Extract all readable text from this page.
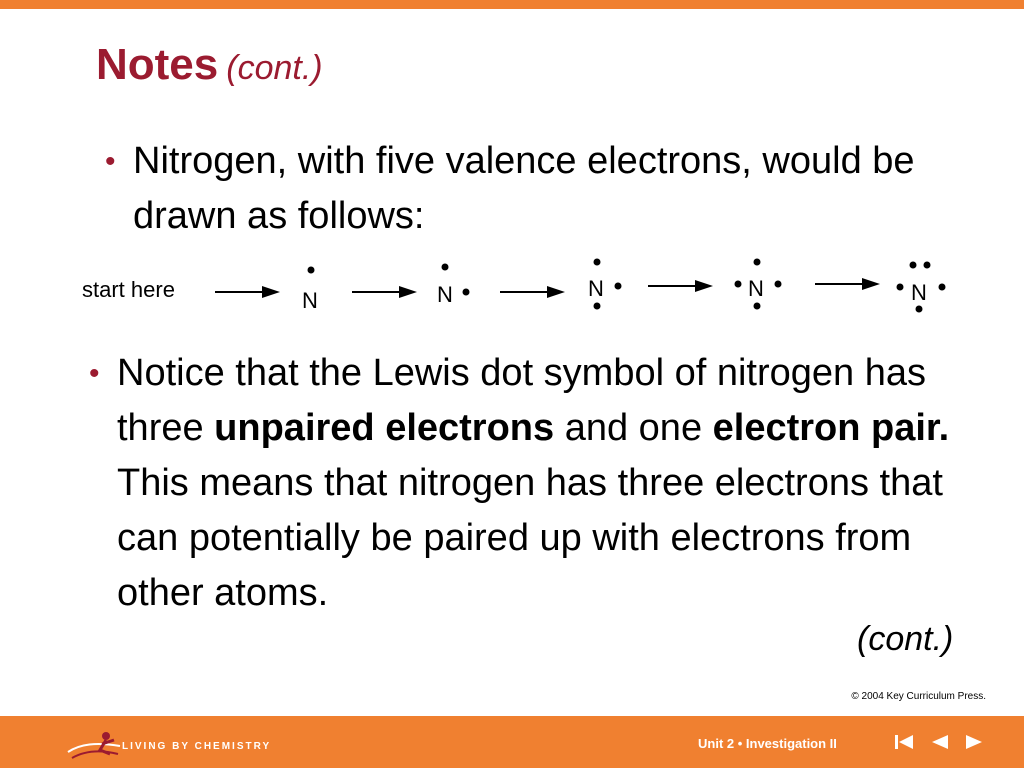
Notes (cont.)
• Nitrogen, with five valence electrons, would be drawn as follows:
start here	N	N	N	N	N
• Notice that the Lewis dot symbol of nitrogen has three unpaired electrons and one electron pair. This means that nitrogen has three electrons that can potentially be paired up with electrons from other atoms.
(cont.)
© 2004 Key Curriculum Press.
LIVING BY CHEMISTRY	Unit 2 • Investigation II
